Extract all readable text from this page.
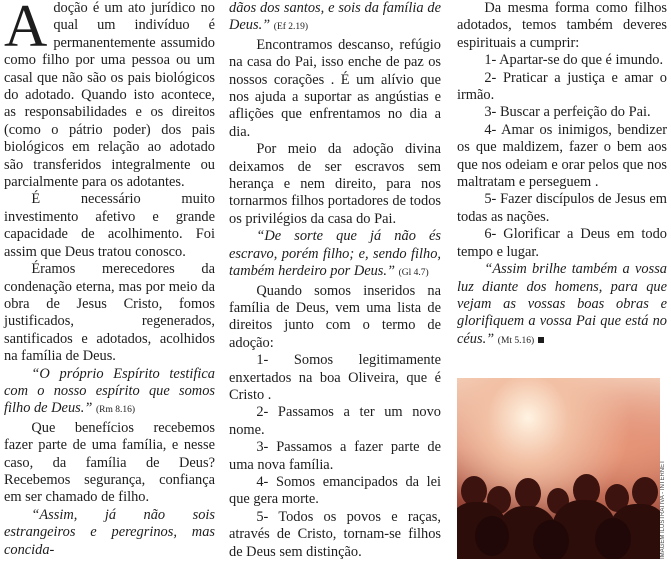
Adoção é um ato jurídico no qual um indivíduo é permanentemente assumido como filho por uma pessoa ou um casal que não são os pais biológicos do adotado. Quando isto acontece, as responsabilidades e os direitos (como o pátrio poder) dos pais biológicos em relação ao adotado são transferidos integralmente ou parcialmente para os adotantes.

É necessário muito investimento afetivo e grande capacidade de acolhimento. Foi assim que Deus tratou conosco.

Éramos merecedores da condenação eterna, mas por meio da obra de Jesus Cristo, fomos justificados, regenerados, santificados e adotados, acolhidos na família de Deus.

“O próprio Espírito testifica com o nosso espírito que somos filho de Deus.” (Rm 8.16)

Que benefícios recebemos fazer parte de uma família, e nesse caso, da família de Deus? Recebemos segurança, confiança em ser chamado de filho.

“Assim, já não sois estrangeiros e peregrinos, mas concida-

dãos dos santos, e sois da família de Deus.” (Ef 2.19)

Encontramos descanso, refúgio na casa do Pai, isso enche de paz os nossos corações . É um alívio que nos ajuda a suportar as angústias e aflições que enfrentamos no dia a dia.

Por meio da adoção divina deixamos de ser escravos sem herança e nem direito, para nos tornarmos filhos portadores de todos os privilégios da casa do Pai.

“De sorte que já não és escravo, porém filho; e, sendo filho, também herdeiro por Deus.” (Gl 4.7)

Quando somos inseridos na família de Deus, vem uma lista de direitos junto com o termo de adoção:

1- Somos legitimamente enxertados na boa Oliveira, que é Cristo .

2- Passamos a ter um novo nome.

3- Passamos a fazer parte de uma nova família.

4- Somos emancipados da lei que gera morte.

5- Todos os povos e raças, através de Cristo, tornam-se filhos de Deus sem distinção.

Da mesma forma como filhos adotados, temos também deveres espirituais a cumprir:

1- Apartar-se do que é imundo.

2- Praticar a justiça e amar o irmão.

3- Buscar a perfeição do Pai.

4- Amar os inimigos, bendizer os que maldizem, fazer o bem aos que nos odeiam e orar pelos que nos maltratam e perseguem .

5- Fazer discípulos de Jesus em todas as nações.

6- Glorificar a Deus em todo tempo e lugar.

“Assim brilhe também a vossa luz diante dos homens, para que vejam as vossas boas obras e glorifiquem a vossa Pai que está no céus.” (Mt 5.16)

IMAGEM ILUSTRATIVA - INTERNET
